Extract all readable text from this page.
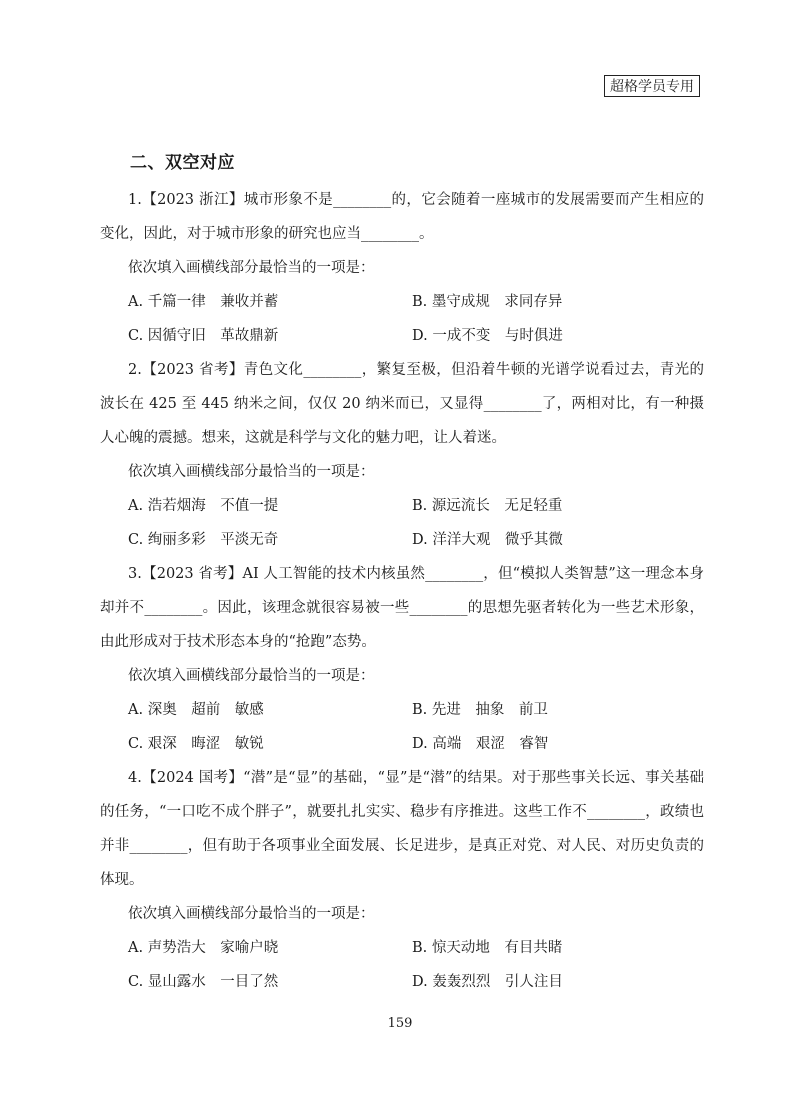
超格学员专用
二、双空对应

1.【2023 浙江】城市形象不是________的，它会随着一座城市的发展需要而产生相应的变化，因此，对于城市形象的研究也应当________。

依次填入画横线部分最恰当的一项是：

A. 千篇一律　兼收并蓄	B. 墨守成规　求同存异
C. 因循守旧　革故鼎新	D. 一成不变　与时俱进

2.【2023 省考】青色文化________，繁复至极，但沿着牛顿的光谱学说看过去，青光的波长在 425 至 445 纳米之间，仅仅 20 纳米而已，又显得________了，两相对比，有一种摄人心魄的震撼。想来，这就是科学与文化的魅力吧，让人着迷。

依次填入画横线部分最恰当的一项是：

A. 浩若烟海　不值一提	B. 源远流长　无足轻重
C. 绚丽多彩　平淡无奇	D. 洋洋大观　微乎其微

3.【2023 省考】AI 人工智能的技术内核虽然________，但“模拟人类智慧”这一理念本身却并不________。因此，该理念就很容易被一些________的思想先驱者转化为一些艺术形象，由此形成对于技术形态本身的“抢跑”态势。

依次填入画横线部分最恰当的一项是：

A. 深奥　超前　敏感	B. 先进　抽象　前卫
C. 艰深　晦涩　敏锐	D. 高端　艰涩　睿智

4.【2024 国考】“潜”是“显”的基础，“显”是“潜”的结果。对于那些事关长远、事关基础的任务，“一口吃不成个胖子”，就要扎扎实实、稳步有序推进。这些工作不________，政绩也并非________，但有助于各项事业全面发展、长足进步，是真正对党、对人民、对历史负责的体现。

依次填入画横线部分最恰当的一项是：

A. 声势浩大　家喻户晓	B. 惊天动地　有目共睹
C. 显山露水　一目了然	D. 轰轰烈烈　引人注目
159
